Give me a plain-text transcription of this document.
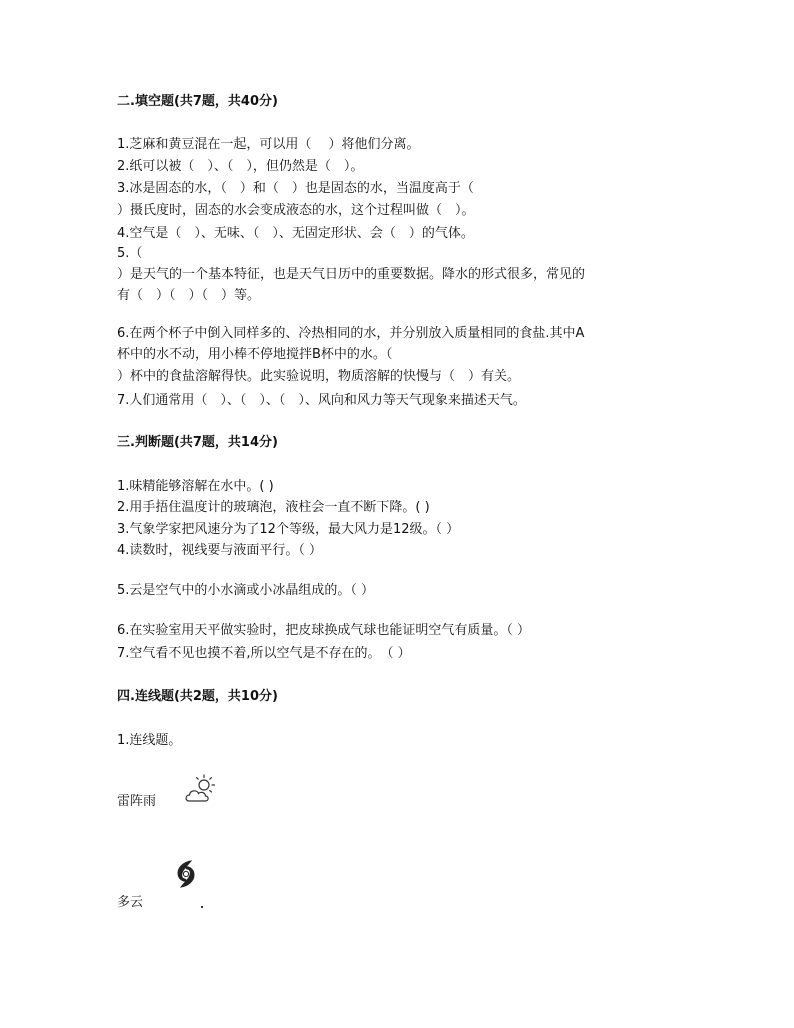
二.填空题(共7题，共40分)
1.芝麻和黄豆混在一起，可以用（　 ）将他们分离。
2.纸可以被（　）、（　），但仍然是（　）。
3.冰是固态的水，（　）和（　）也是固态的水，当温度高于（
）摄氏度时，固态的水会变成液态的水，这个过程叫做（　）。
4.空气是（　）、无味、（　）、无固定形状、会（　）的气体。
5.（
）是天气的一个基本特征，也是天气日历中的重要数据。降水的形式很多，常见的
有（　）（　）（　）等。
6.在两个杯子中倒入同样多的、冷热相同的水，并分别放入质量相同的食盐.其中A
杯中的水不动，用小棒不停地搅拌B杯中的水。（
）杯中的食盐溶解得快。此实验说明，物质溶解的快慢与（　）有关。
7.人们通常用（　）、（　）、（　）、风向和风力等天气现象来描述天气。
三.判断题(共7题，共14分)
1.味精能够溶解在水中。( )
2.用手捂住温度计的玻璃泡，液柱会一直不断下降。( )
3.气象学家把风速分为了12个等级，最大风力是12级。（ ）
4.读数时，视线要与液面平行。（ ）
5.云是空气中的小水滴或小冰晶组成的。（ ）
6.在实验室用天平做实验时，把皮球换成气球也能证明空气有质量。（ ）
7.空气看不见也摸不着,所以空气是不存在的。　（ ）
四.连线题(共2题，共10分)
1.连线题。
雷阵雨
多云
